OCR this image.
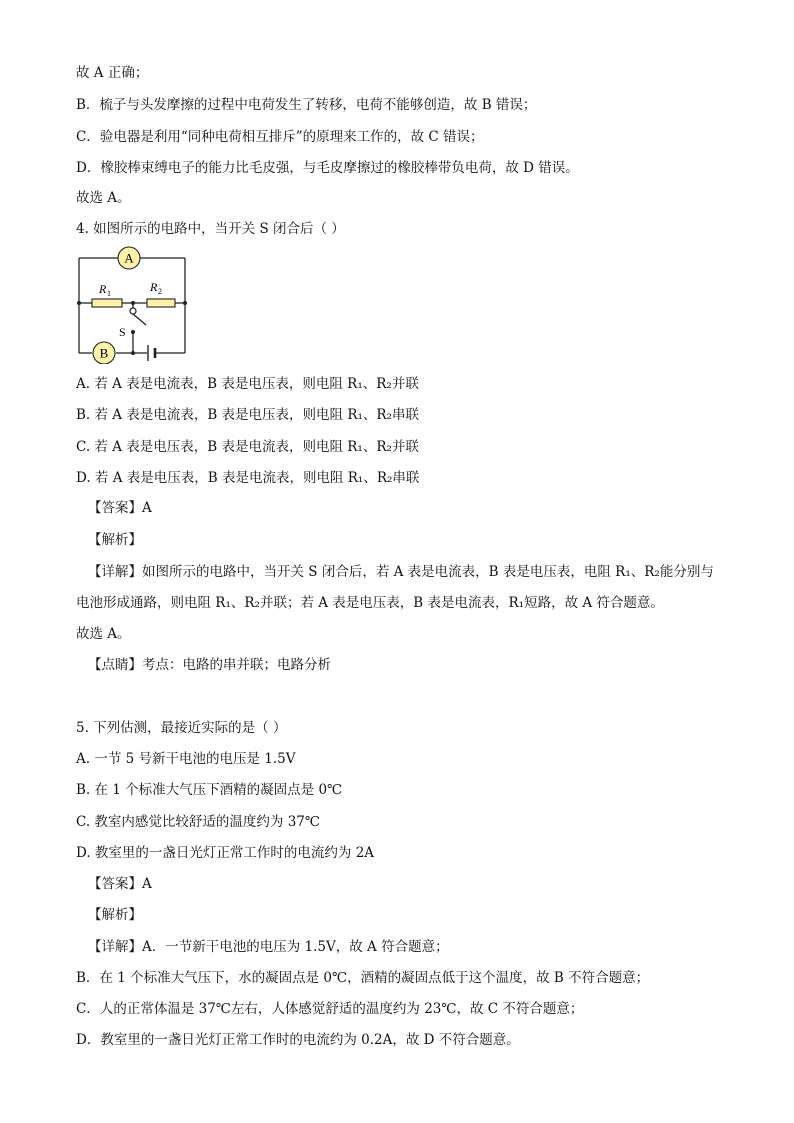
故 A 正确；
B．梳子与头发摩擦的过程中电荷发生了转移，电荷不能够创造，故 B 错误；
C．验电器是利用“同种电荷相互排斥”的原理来工作的，故 C 错误；
D．橡胶棒束缚电子的能力比毛皮强，与毛皮摩擦过的橡胶棒带负电荷，故 D 错误。
故选 A。
4. 如图所示的电路中，当开关 S 闭合后（ ）
A
B
R 1	R 2
S
A. 若 A 表是电流表，B 表是电压表，则电阻 R₁、R₂并联
B. 若 A 表是电流表，B 表是电压表，则电阻 R₁、R₂串联
C. 若 A 表是电压表，B 表是电流表，则电阻 R₁、R₂并联
D. 若 A 表是电压表，B 表是电流表，则电阻 R₁、R₂串联
【答案】A
【解析】
【详解】如图所示的电路中，当开关 S 闭合后，若 A 表是电流表，B 表是电压表，电阻 R₁、R₂能分别与
电池形成通路，则电阻 R₁、R₂并联；若 A 表是电压表，B 表是电流表，R₁短路，故 A 符合题意。
故选 A。
【点睛】考点：电路的串并联；电路分析
5. 下列估测，最接近实际的是（ ）
A. 一节 5 号新干电池的电压是 1.5V
B. 在 1 个标准大气压下酒精的凝固点是 0℃
C. 教室内感觉比较舒适的温度约为 37℃
D. 教室里的一盏日光灯正常工作时的电流约为 2A
【答案】A
【解析】
【详解】A．一节新干电池的电压为 1.5V，故 A 符合题意；
B．在 1 个标准大气压下，水的凝固点是 0℃，酒精的凝固点低于这个温度，故 B 不符合题意；
C．人的正常体温是 37℃左右，人体感觉舒适的温度约为 23℃，故 C 不符合题意；
D．教室里的一盏日光灯正常工作时的电流约为 0.2A，故 D 不符合题意。
